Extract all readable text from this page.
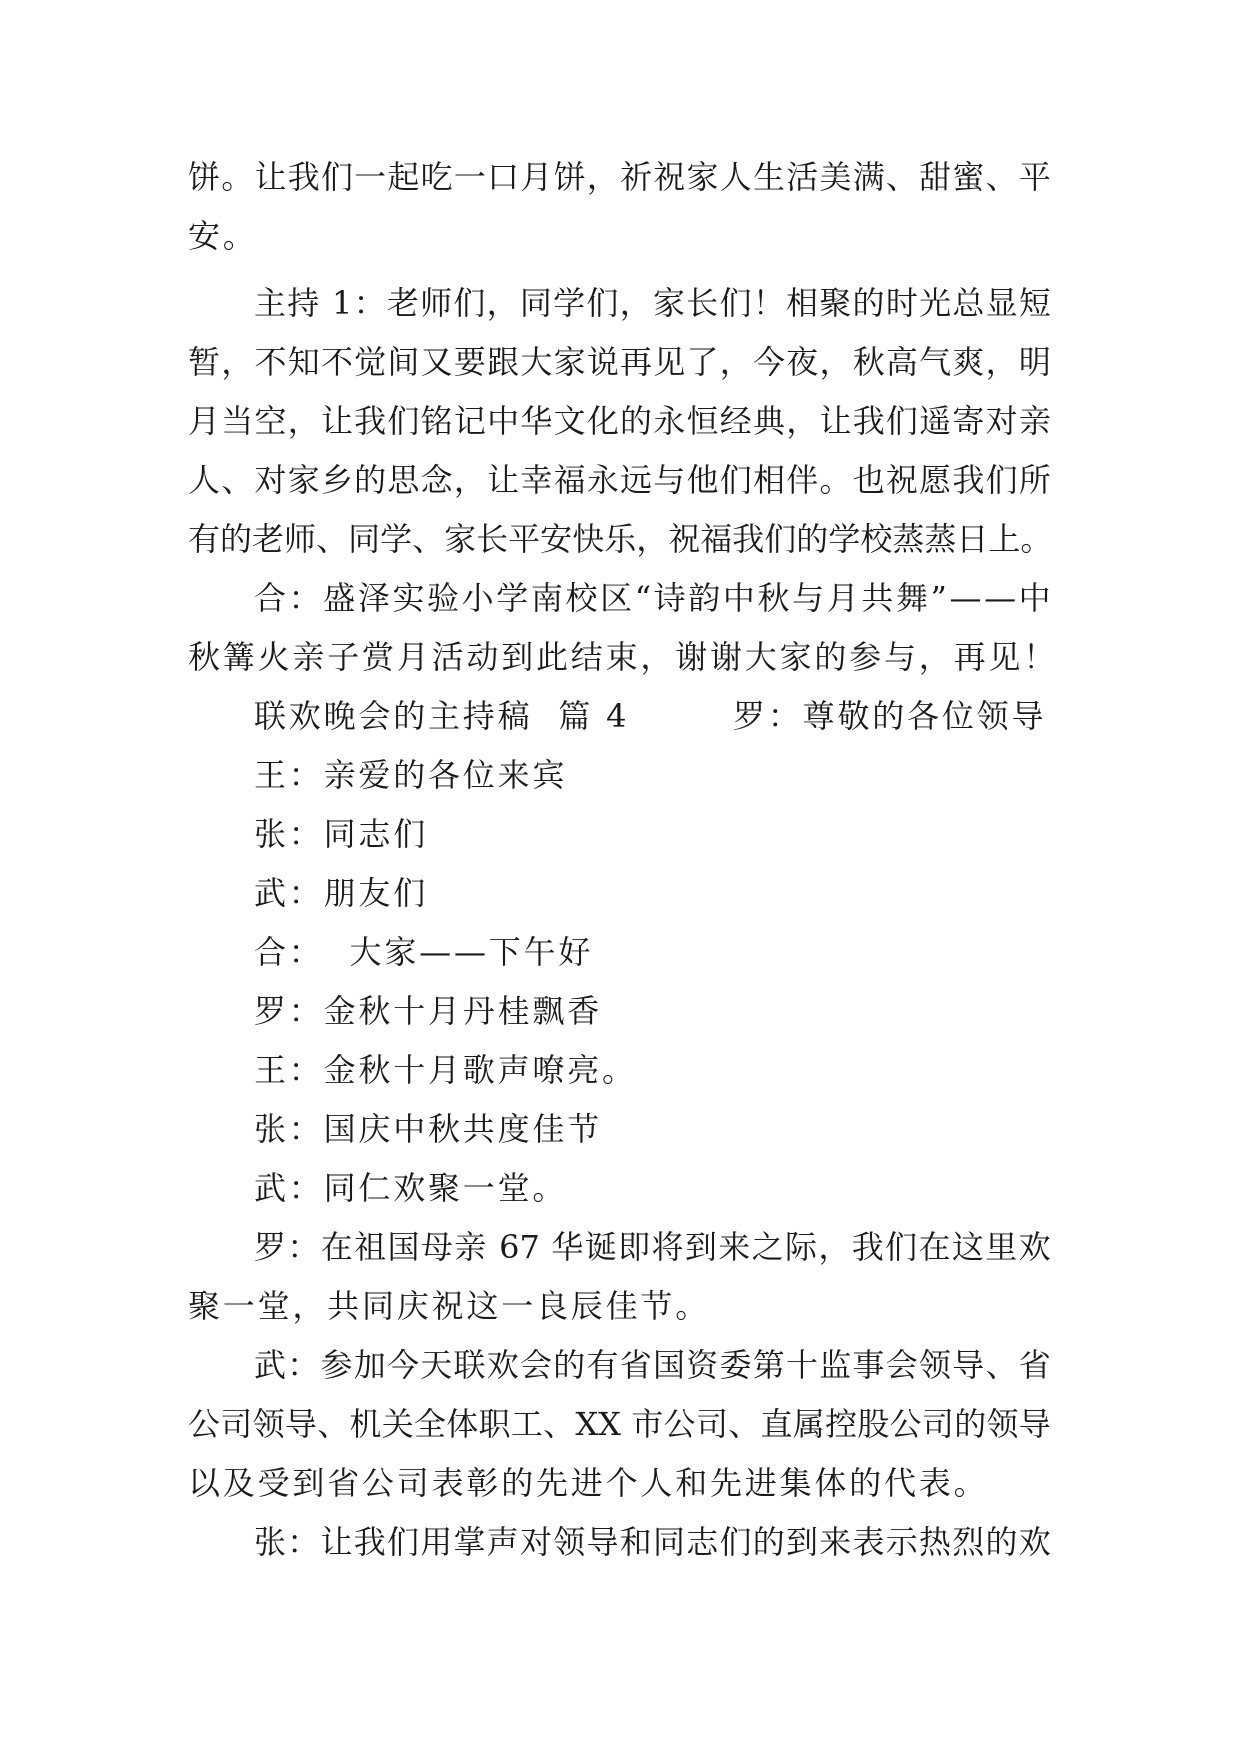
饼 。 让 我 们 一 起 吃 一 口 月 饼 ， 祈 祝 家 人 生 活 美 满 、 甜 蜜 、 平

安。

主 持
1 ： 老 师 们 ， 同 学 们 ， 家 长 们 ！ 相 聚 的 时 光 总 显 短

暂 ， 不 知 不 觉 间 又 要 跟 大 家 说 再 见 了 ， 今 夜 ， 秋 高 气 爽 ， 明

月 当 空 ， 让 我 们 铭 记 中 华 文 化 的 永 恒 经 典 ， 让 我 们 遥 寄 对 亲

人 、 对 家 乡 的 思 念 ， 让 幸 福 永 远 与 他 们 相 伴 。 也 祝 愿 我 们 所

有 的 老 师 、 同 学 、 家 长 平 安 快 乐 ， 祝 福 我 们 的 学 校 蒸 蒸 日 上 。

合 ： 盛 泽 实 验 小 学 南 校 区 “ 诗 韵 中 秋 与 月 共 舞 ” — — 中

秋篝火亲子赏月活动到此结束，谢谢大家的参与，再见！

联欢晚会的主持稿  篇 4        罗：尊敬的各位领导

王：亲爱的各位来宾

张：同志们

武：朋友们

合：  大家——下午好

罗：金秋十月丹桂飘香

王：金秋十月歌声嘹亮。

张：国庆中秋共度佳节

武：同仁欢聚一堂。

罗 ： 在 祖 国 母 亲
67 华 诞 即 将 到 来 之 际 ， 我 们 在 这 里 欢

聚一堂，共同庆祝这一良辰佳节。

武 ： 参 加 今 天 联 欢 会 的 有 省 国 资 委 第 十 监 事 会 领 导 、 省

公 司 领 导 、 机 关 全 体 职 工 、 XX 市 公 司 、 直 属 控 股 公 司 的 领 导

以及受到省公司表彰的先进个人和先进集体的代表。

张 ： 让 我 们 用 掌 声 对 领 导 和 同 志 们 的 到 来 表 示 热 烈 的 欢
